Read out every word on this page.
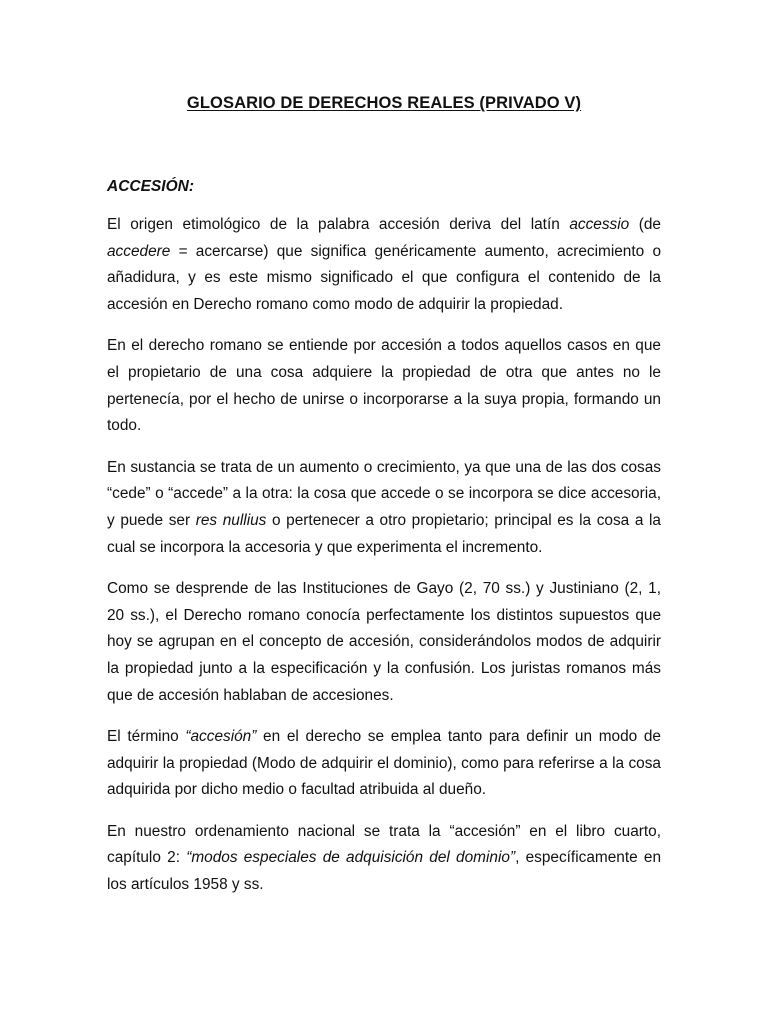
GLOSARIO DE DERECHOS REALES (PRIVADO V)
ACCESIÓN:

El origen etimológico de la palabra accesión deriva del latín accessio (de accedere = acercarse) que significa genéricamente aumento, acrecimiento o añadidura, y es este mismo significado el que configura el contenido de la accesión en Derecho romano como modo de adquirir la propiedad.

En el derecho romano se entiende por accesión a todos aquellos casos en que el propietario de una cosa adquiere la propiedad de otra que antes no le pertenecía, por el hecho de unirse o incorporarse a la suya propia, formando un todo.

En sustancia se trata de un aumento o crecimiento, ya que una de las dos cosas “cede” o “accede” a la otra: la cosa que accede o se incorpora se dice accesoria, y puede ser res nullius o pertenecer a otro propietario; principal es la cosa a la cual se incorpora la accesoria y que experimenta el incremento.

Como se desprende de las Instituciones de Gayo (2, 70 ss.) y Justiniano (2, 1, 20 ss.), el Derecho romano conocía perfectamente los distintos supuestos que hoy se agrupan en el concepto de accesión, considerándolos modos de adquirir la propiedad junto a la especificación y la confusión. Los juristas romanos más que de accesión hablaban de accesiones.

El término “accesión” en el derecho se emplea tanto para definir un modo de adquirir la propiedad (Modo de adquirir el dominio), como para referirse a la cosa adquirida por dicho medio o facultad atribuida al dueño.

En nuestro ordenamiento nacional se trata la “accesión” en el libro cuarto, capítulo 2: “modos especiales de adquisición del dominio”, específicamente en los artículos 1958 y ss.
